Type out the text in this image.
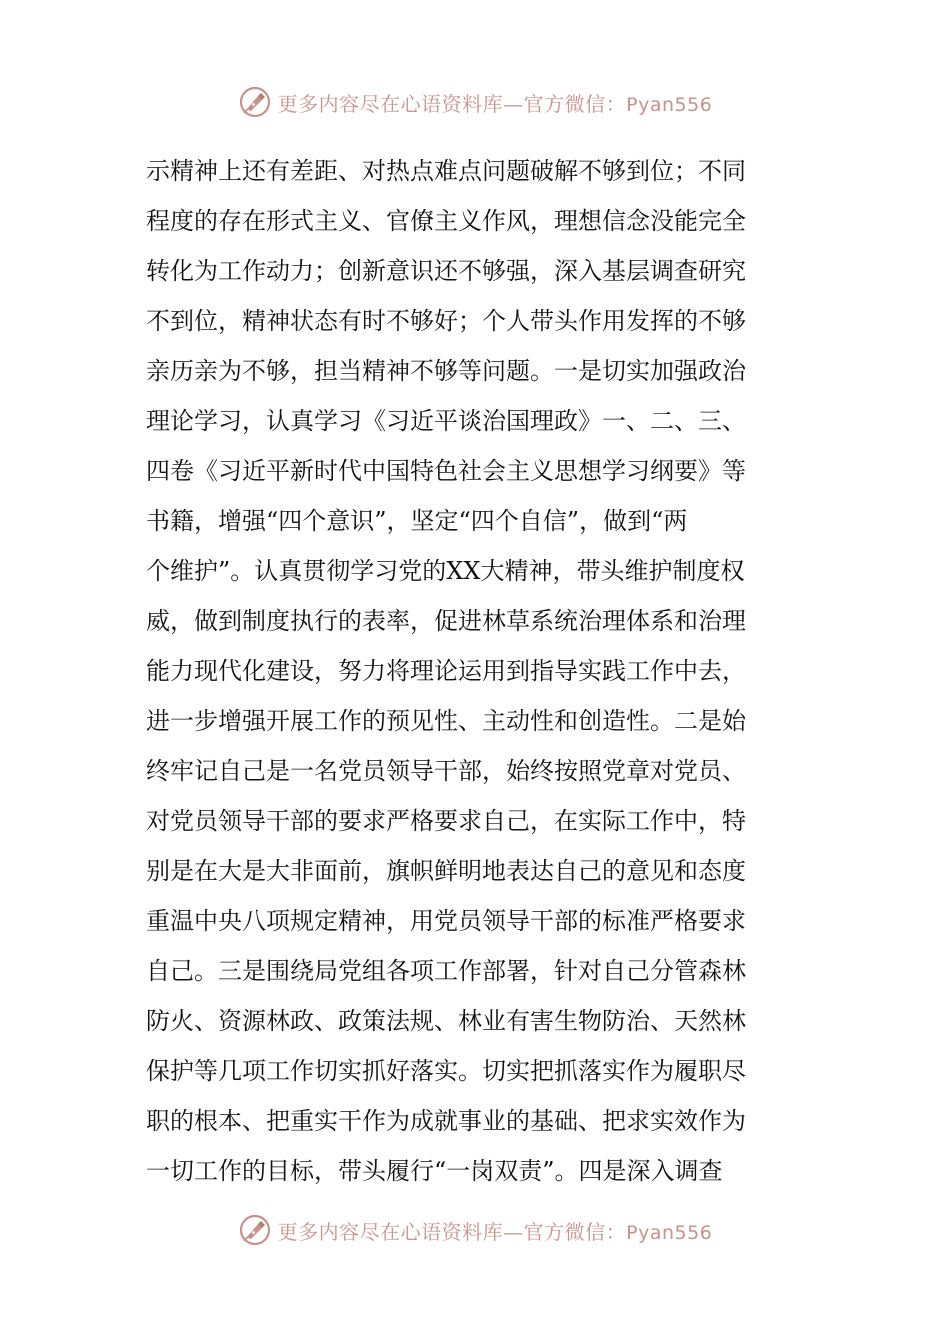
更多内容尽在心语资料库—官方微信：Pyan556
示精神上还有差距、对热点难点问题破解不够到位；不同
程度的存在形式主义、官僚主义作风，理想信念没能完全
转化为工作动力；创新意识还不够强，深入基层调查研究
不到位，精神状态有时不够好；个人带头作用发挥的不够
亲历亲为不够，担当精神不够等问题。一是切实加强政治
理论学习，认真学习《习近平谈治国理政》一、二、三、
四卷《习近平新时代中国特色社会主义思想学习纲要》等
书籍，增强“四个意识”，坚定“四个自信”，做到“两
个维护”。认真贯彻学习党的XX大精神，带头维护制度权
威，做到制度执行的表率，促进林草系统治理体系和治理
能力现代化建设，努力将理论运用到指导实践工作中去，
进一步增强开展工作的预见性、主动性和创造性。二是始
终牢记自己是一名党员领导干部，始终按照党章对党员、
对党员领导干部的要求严格要求自己，在实际工作中，特
别是在大是大非面前，旗帜鲜明地表达自己的意见和态度
重温中央八项规定精神，用党员领导干部的标准严格要求
自己。三是围绕局党组各项工作部署，针对自己分管森林
防火、资源林政、政策法规、林业有害生物防治、天然林
保护等几项工作切实抓好落实。切实把抓落实作为履职尽
职的根本、把重实干作为成就事业的基础、把求实效作为
一切工作的目标，带头履行“一岗双责”。四是深入调查
更多内容尽在心语资料库—官方微信：Pyan556
